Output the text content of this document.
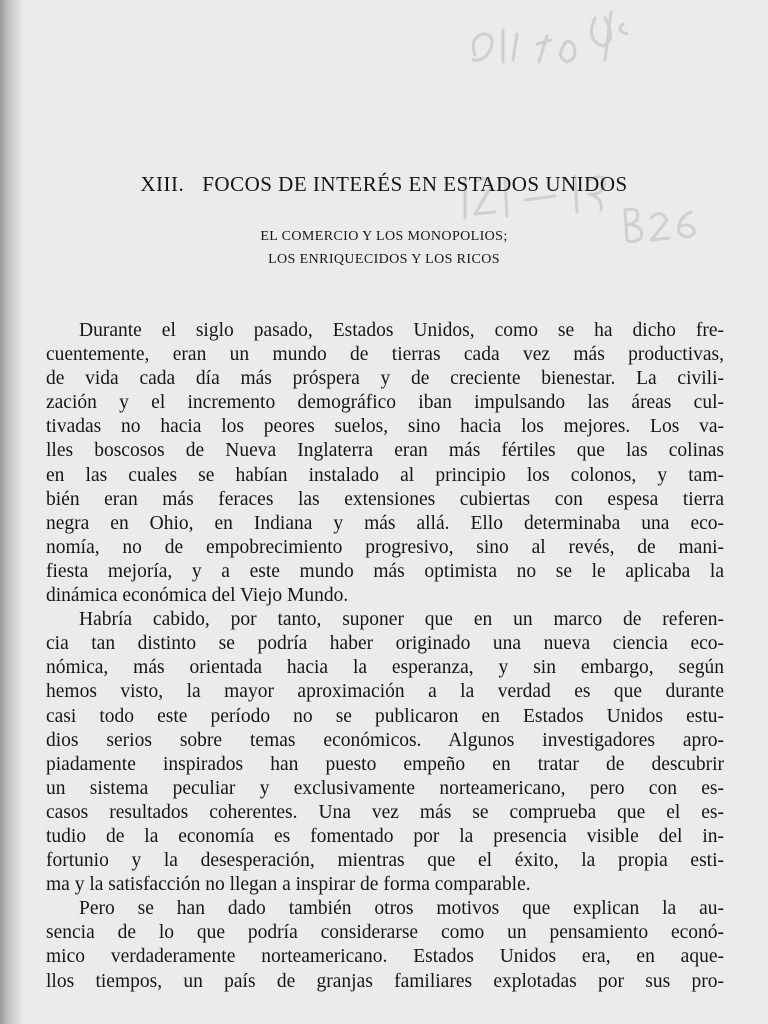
XIII. FOCOS DE INTERÉS EN ESTADOS UNIDOS

EL COMERCIO Y LOS MONOPOLIOS;

LOS ENRIQUECIDOS Y LOS RICOS

Durante el siglo pasado, Estados Unidos, como se ha dicho fre-
cuentemente, eran un mundo de tierras cada vez más productivas,
de vida cada día más próspera y de creciente bienestar. La civili-
zación y el incremento demográfico iban impulsando las áreas cul-
tivadas no hacia los peores suelos, sino hacia los mejores. Los va-
lles boscosos de Nueva Inglaterra eran más fértiles que las colinas
en las cuales se habían instalado al principio los colonos, y tam-
bién eran más feraces las extensiones cubiertas con espesa tierra
negra en Ohio, en Indiana y más allá. Ello determinaba una eco-
nomía, no de empobrecimiento progresivo, sino al revés, de mani-
fiesta mejoría, y a este mundo más optimista no se le aplicaba la
dinámica económica del Viejo Mundo.
Habría cabido, por tanto, suponer que en un marco de referen-
cia tan distinto se podría haber originado una nueva ciencia eco-
nómica, más orientada hacia la esperanza, y sin embargo, según
hemos visto, la mayor aproximación a la verdad es que durante
casi todo este período no se publicaron en Estados Unidos estu-
dios serios sobre temas económicos. Algunos investigadores apro-
piadamente inspirados han puesto empeño en tratar de descubrir
un sistema peculiar y exclusivamente norteamericano, pero con es-
casos resultados coherentes. Una vez más se comprueba que el es-
tudio de la economía es fomentado por la presencia visible del in-
fortunio y la desesperación, mientras que el éxito, la propia esti-
ma y la satisfacción no llegan a inspirar de forma comparable.
Pero se han dado también otros motivos que explican la au-
sencia de lo que podría considerarse como un pensamiento econó-
mico verdaderamente norteamericano. Estados Unidos era, en aque-
llos tiempos, un país de granjas familiares explotadas por sus pro-
